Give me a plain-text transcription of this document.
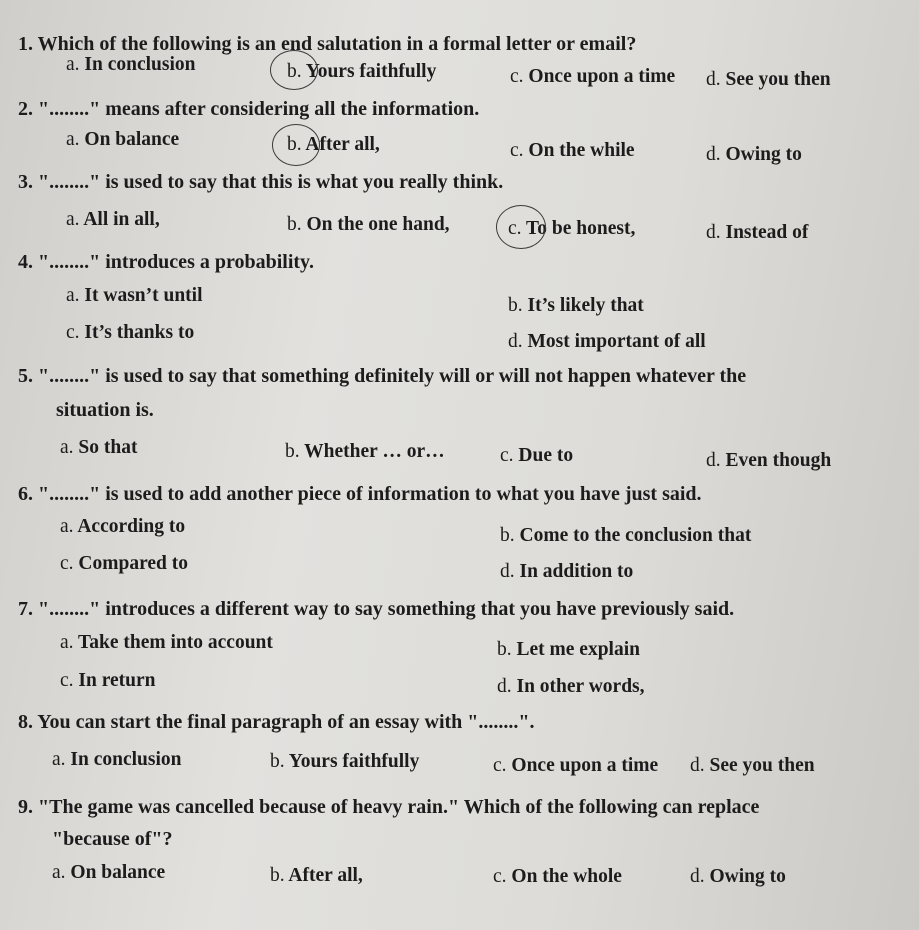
1. Which of the following is an end salutation in a formal letter or email?
a. In conclusion	b. Yours faithfully	c. Once upon a time d. See you then
2. "........" means after considering all the information.
a. On balance	b. After all,	c. On the while	d. Owing to
3. "........" is used to say that this is what you really think.
a. All in all,	b. On the one hand,	c. To be honest,	d. Instead of
4. "........" introduces a probability.
a. It wasn’t until	b. It’s likely that
c. It’s thanks to	d. Most important of all
5. "........" is used to say that something definitely will or will not happen whatever the
situation is.
a. So that	b. Whether … or…	c. Due to	d. Even though
6. "........" is used to add another piece of information to what you have just said.
a. According to	b. Come to the conclusion that
c. Compared to	d. In addition to
7. "........" introduces a different way to say something that you have previously said.
a. Take them into account	b. Let me explain
c. In return	d. In other words,
8. You can start the final paragraph of an essay with "........".
a. In conclusion	b. Yours faithfully	c. Once upon a time d. See you then
9. "The game was cancelled because of heavy rain." Which of the following can replace
"because of"?
a. On balance	b. After all,	c. On the whole	d. Owing to
